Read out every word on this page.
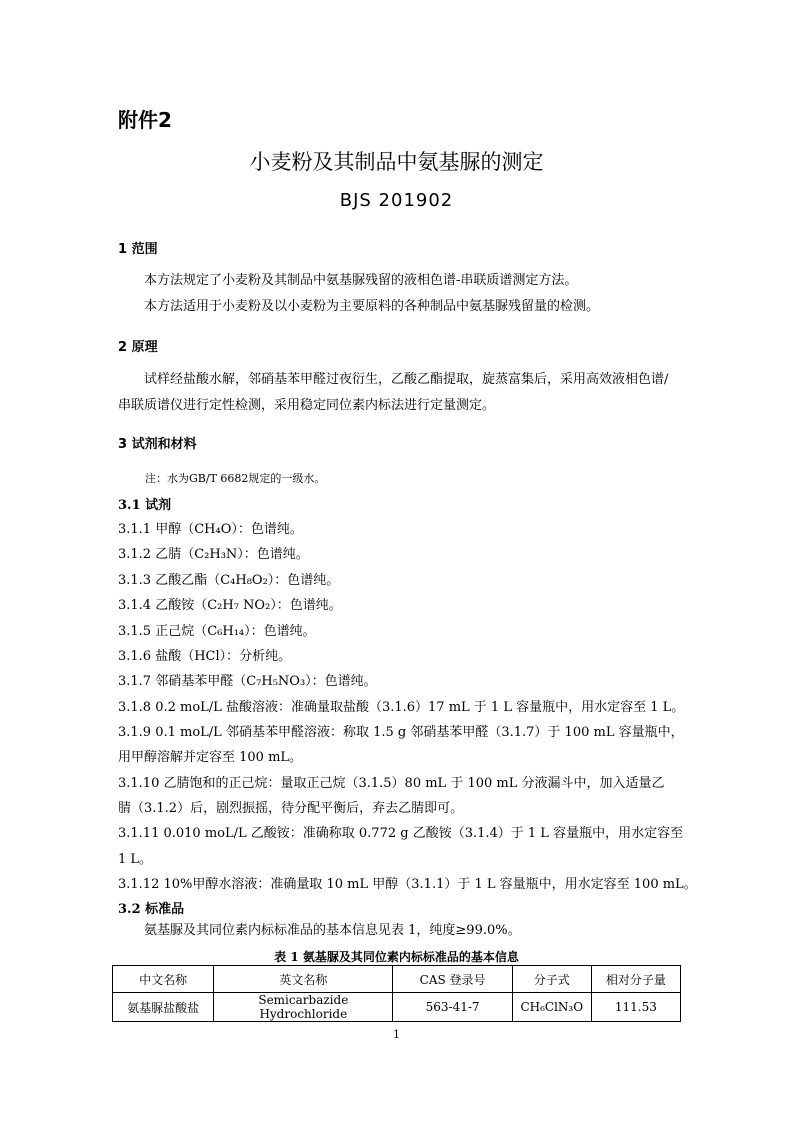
附件2
小麦粉及其制品中氨基脲的测定
BJS 201902
1 范围
本方法规定了小麦粉及其制品中氨基脲残留的液相色谱-串联质谱测定方法。
本方法适用于小麦粉及以小麦粉为主要原料的各种制品中氨基脲残留量的检测。
2 原理
试样经盐酸水解，邻硝基苯甲醛过夜衍生，乙酸乙酯提取，旋蒸富集后，采用高效液相色谱/串联质谱仪进行定性检测，采用稳定同位素内标法进行定量测定。
3 试剂和材料
注：水为GB/T 6682规定的一级水。
3.1 试剂
3.1.1 甲醇（CH₄O）：色谱纯。
3.1.2 乙腈（C₂H₃N）：色谱纯。
3.1.3 乙酸乙酯（C₄H₈O₂）：色谱纯。
3.1.4 乙酸铵（C₂H₇ NO₂）：色谱纯。
3.1.5 正己烷（C₆H₁₄）：色谱纯。
3.1.6 盐酸（HCl）：分析纯。
3.1.7 邻硝基苯甲醛（C₇H₅NO₃）：色谱纯。
3.1.8 0.2 moL/L 盐酸溶液：准确量取盐酸（3.1.6）17 mL 于 1 L 容量瓶中，用水定容至 1 L。
3.1.9 0.1 moL/L 邻硝基苯甲醛溶液：称取 1.5 g 邻硝基苯甲醛（3.1.7）于 100 mL 容量瓶中，
用甲醇溶解并定容至 100 mL。
3.1.10 乙腈饱和的正己烷：量取正己烷（3.1.5）80 mL 于 100 mL 分液漏斗中，加入适量乙
腈（3.1.2）后，剧烈振摇，待分配平衡后，弃去乙腈即可。
3.1.11 0.010 moL/L 乙酸铵：准确称取 0.772 g 乙酸铵（3.1.4）于 1 L 容量瓶中，用水定容至
1 L。
3.1.12 10%甲醇水溶液：准确量取 10 mL 甲醇（3.1.1）于 1 L 容量瓶中，用水定容至 100 mL。
3.2 标准品
氨基脲及其同位素内标标准品的基本信息见表 1，纯度≥99.0%。
表 1 氨基脲及其同位素内标标准品的基本信息
中文名称	英文名称	CAS 登录号	分子式	相对分子量
氨基脲盐酸盐	Semicarbazide Hydrochloride	563-41-7	CH₆ClN₃O	111.53
1
